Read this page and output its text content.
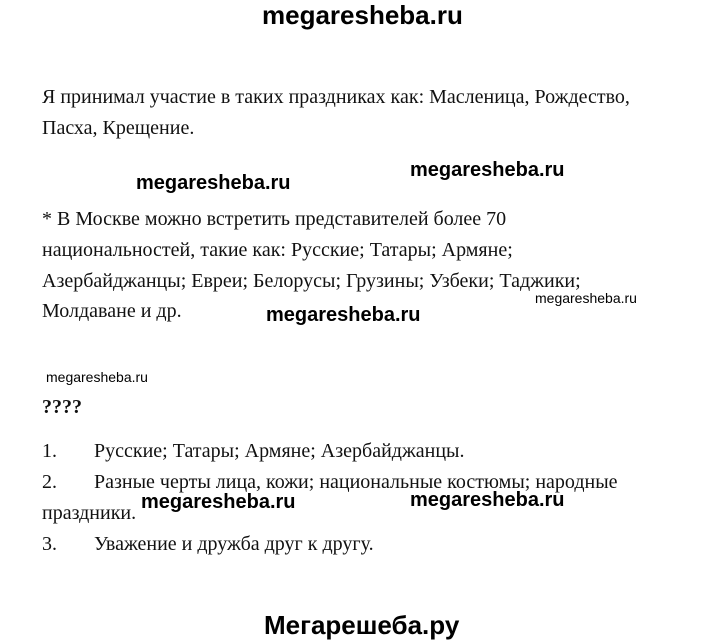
megaresheba.ru
Я принимал участие в таких праздниках как: Масленица, Рождество,
Пасха, Крещение.
megaresheba.ru
megaresheba.ru
* В Москве можно встретить представителей более 70
национальностей, такие как: Русские; Татары; Армяне;
Азербайджанцы; Евреи; Белорусы; Грузины; Узбеки; Таджики;
megaresheba.ru
Молдаване и др.	megaresheba.ru
megaresheba.ru
????
1. Русские; Татары; Армяне; Азербайджанцы.
2. Разные черты лица, кожи; национальные костюмы; народные
праздники. megaresheba.ru	megaresheba.ru
3. Уважение и дружба друг к другу.
Мегарешеба.ру
